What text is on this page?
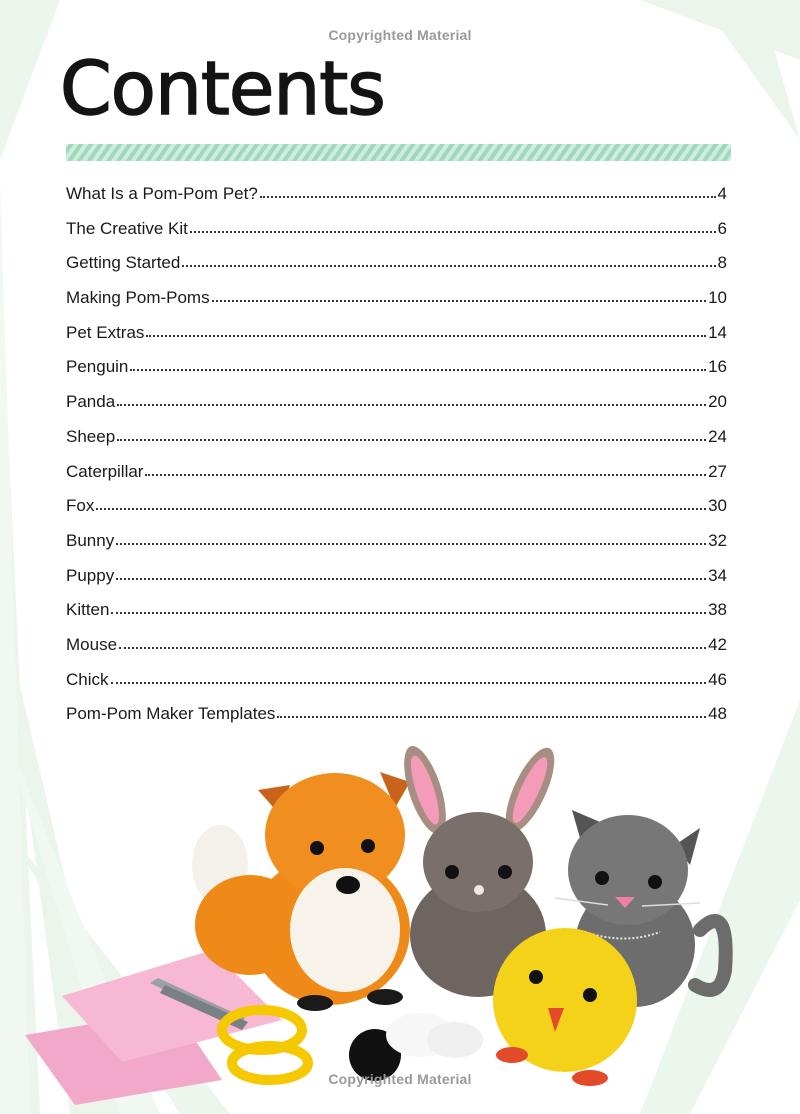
Copyrighted Material
Contents
What Is a Pom-Pom Pet?	4
The Creative Kit	6
Getting Started	8
Making Pom-Poms	10
Pet Extras	14
Penguin	16
Panda	20
Sheep	24
Caterpillar	27
Fox	30
Bunny	32
Puppy	34
Kitten	38
Mouse	42
Chick	46
Pom-Pom Maker Templates	48
Copyrighted Material
